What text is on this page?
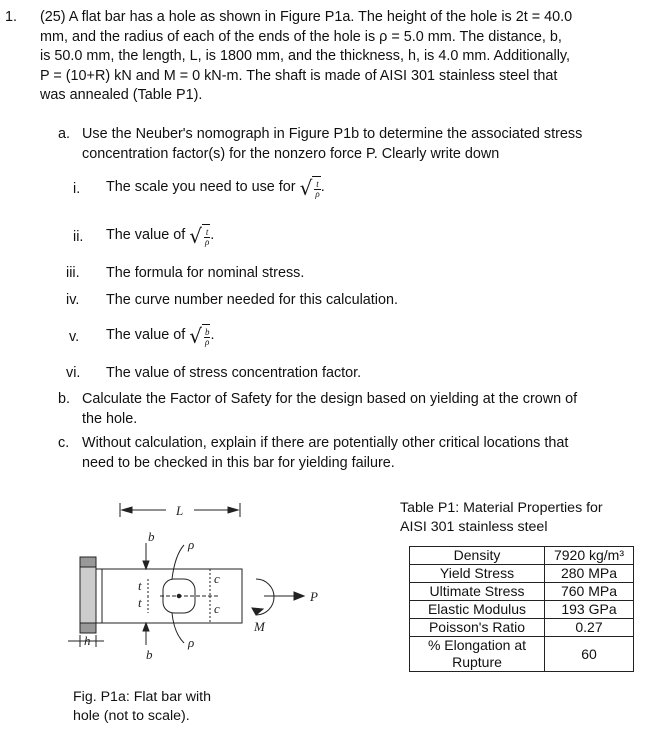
1. (25) A flat bar has a hole as shown in Figure P1a. The height of the hole is 2t = 40.0
mm, and the radius of each of the ends of the hole is ρ = 5.0 mm. The distance, b,
is 50.0 mm, the length, L, is 1800 mm, and the thickness, h, is 4.0 mm. Additionally,
P = (10+R) kN and M = 0 kN-m. The shaft is made of AISI 301 stainless steel that
was annealed (Table P1).
a. Use the Neuber's nomograph in Figure P1b to determine the associated stress
concentration factor(s) for the nonzero force P. Clearly write down
i. The scale you need to use for √ $\frac{t}{\rho}$ .
ii. The value of √ $\frac{t}{\rho}$ .
iii. The formula for nominal stress.
iv. The curve number needed for this calculation.
v. The value of √ $\frac{b}{\rho}$ .
vi. The value of stress concentration factor.
b. Calculate the Factor of Safety for the design based on yielding at the crown of
the hole.
c. Without calculation, explain if there are potentially other critical locations that
need to be checked in this bar for yielding failure.
L
b
b
ρ
ρ
t
t
c
c
M
P
h
Fig. P1a: Flat bar with
hole (not to scale).
Table P1: Material Properties for
AISI 301 stainless steel
Density	7920 kg/m³
Yield Stress	280 MPa
Ultimate Stress	760 MPa
Elastic Modulus	193 GPa
Poisson's Ratio	0.27

% Elongation at
Rupture	60
